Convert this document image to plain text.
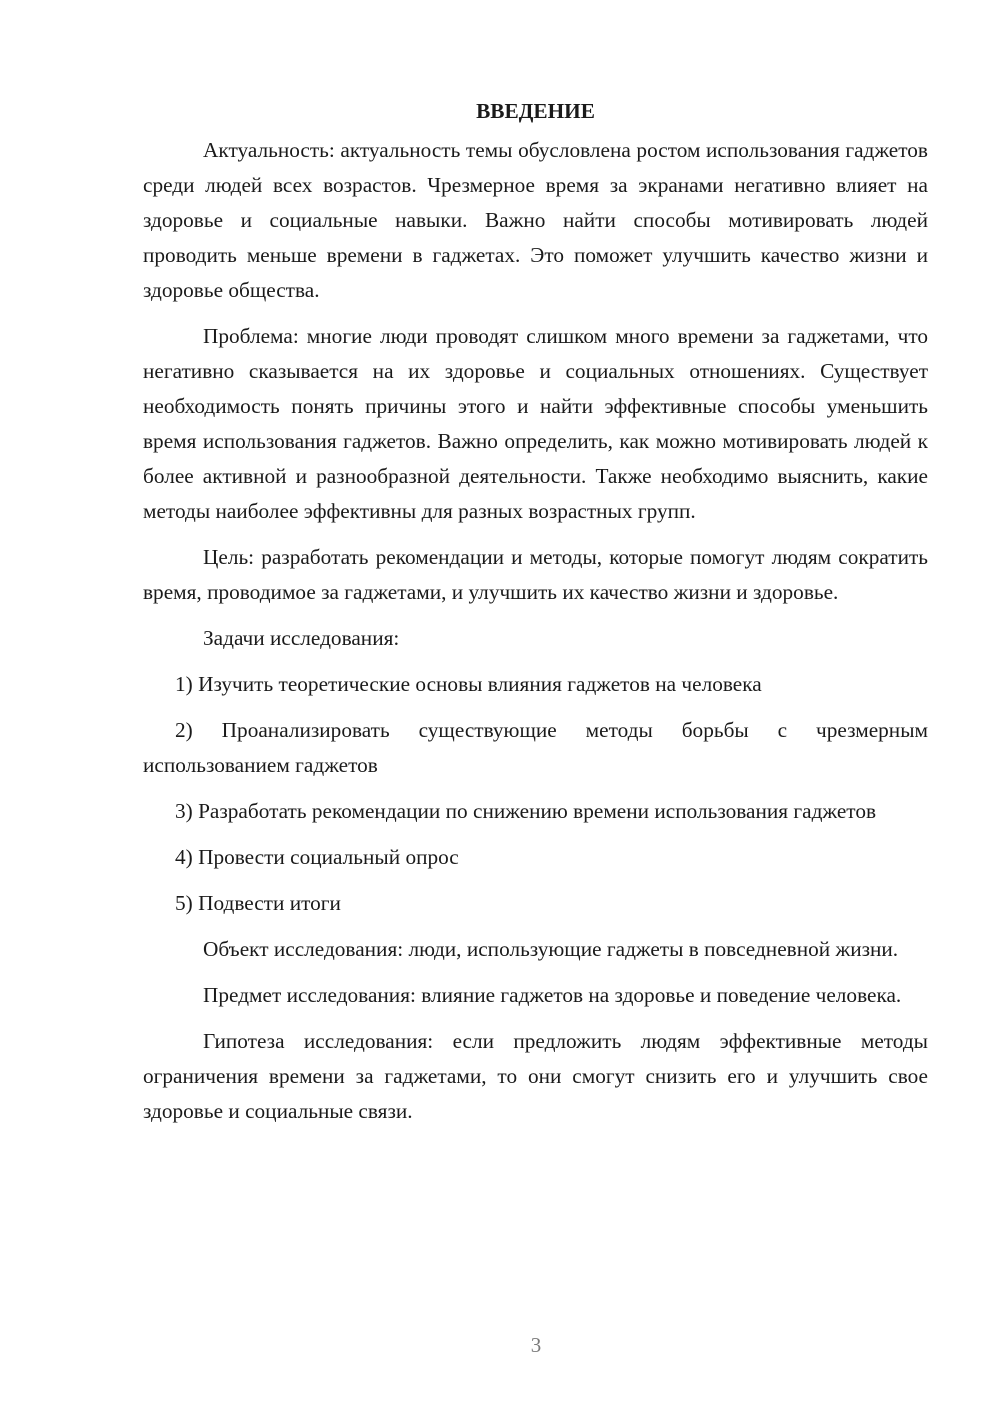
ВВЕДЕНИЕ

Актуальность: актуальность темы обусловлена ростом использования гаджетов среди людей всех возрастов. Чрезмерное время за экранами негативно влияет на здоровье и социальные навыки. Важно найти способы мотивировать людей проводить меньше времени в гаджетах. Это поможет улучшить качество жизни и здоровье общества.

Проблема: многие люди проводят слишком много времени за гаджетами, что негативно сказывается на их здоровье и социальных отношениях. Существует необходимость понять причины этого и найти эффективные способы уменьшить время использования гаджетов. Важно определить, как можно мотивировать людей к более активной и разнообразной деятельности. Также необходимо выяснить, какие методы наиболее эффективны для разных возрастных групп.

Цель: разработать рекомендации и методы, которые помогут людям сократить время, проводимое за гаджетами, и улучшить их качество жизни и здоровье.

Задачи исследования:

1) Изучить теоретические основы влияния гаджетов на человека

2) Проанализировать существующие методы борьбы с чрезмерным использованием гаджетов

3) Разработать рекомендации по снижению времени использования гаджетов

4) Провести социальный опрос

5) Подвести итоги

Объект исследования: люди, использующие гаджеты в повседневной жизни.

Предмет исследования: влияние гаджетов на здоровье и поведение человека.

Гипотеза исследования: если предложить людям эффективные методы ограничения времени за гаджетами, то они смогут снизить его и улучшить свое здоровье и социальные связи.

3
